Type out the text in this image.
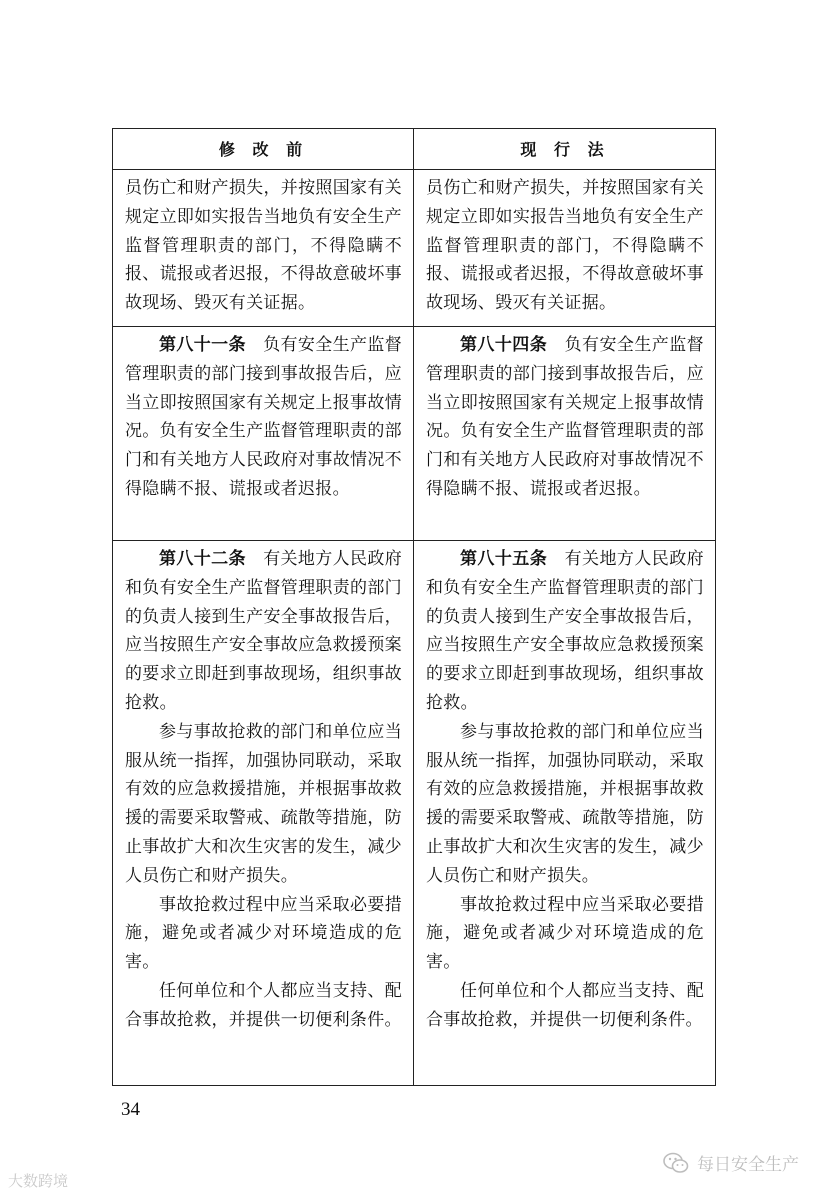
修 改 前	现 行 法

员伤亡和财产损失，并按照国家有关规定立即如实报告当地负有安全生产监督管理职责的部门，不得隐瞒不报、谎报或者迟报，不得故意破坏事故现场、毁灭有关证据。

员伤亡和财产损失，并按照国家有关规定立即如实报告当地负有安全生产监督管理职责的部门，不得隐瞒不报、谎报或者迟报，不得故意破坏事故现场、毁灭有关证据。

第八十一条　 负有安全生产监督管理职责的部门接到事故报告后，应当立即按照国家有关规定上报事故情况。负有安全生产监督管理职责的部门和有关地方人民政府对事故情况不得隐瞒不报、谎报或者迟报。

第八十四条　 负有安全生产监督管理职责的部门接到事故报告后，应当立即按照国家有关规定上报事故情况。负有安全生产监督管理职责的部门和有关地方人民政府对事故情况不得隐瞒不报、谎报或者迟报。

第八十二条　 有关地方人民政府和负有安全生产监督管理职责的部门的负责人接到生产安全事故报告后，应当按照生产安全事故应急救援预案的要求立即赶到事故现场，组织事故抢救。

参与事故抢救的部门和单位应当服从统一指挥，加强协同联动，采取有效的应急救援措施，并根据事故救援的需要采取警戒、疏散等措施，防止事故扩大和次生灾害的发生，减少人员伤亡和财产损失。

事故抢救过程中应当采取必要措施，避免或者减少对环境造成的危害。

任何单位和个人都应当支持、配合事故抢救，并提供一切便利条件。

第八十五条　 有关地方人民政府和负有安全生产监督管理职责的部门的负责人接到生产安全事故报告后，应当按照生产安全事故应急救援预案的要求立即赶到事故现场，组织事故抢救。

参与事故抢救的部门和单位应当服从统一指挥，加强协同联动，采取有效的应急救援措施，并根据事故救援的需要采取警戒、疏散等措施，防止事故扩大和次生灾害的发生，减少人员伤亡和财产损失。

事故抢救过程中应当采取必要措施，避免或者减少对环境造成的危害。

任何单位和个人都应当支持、配合事故抢救，并提供一切便利条件。

34
大数跨境
每日安全生产
